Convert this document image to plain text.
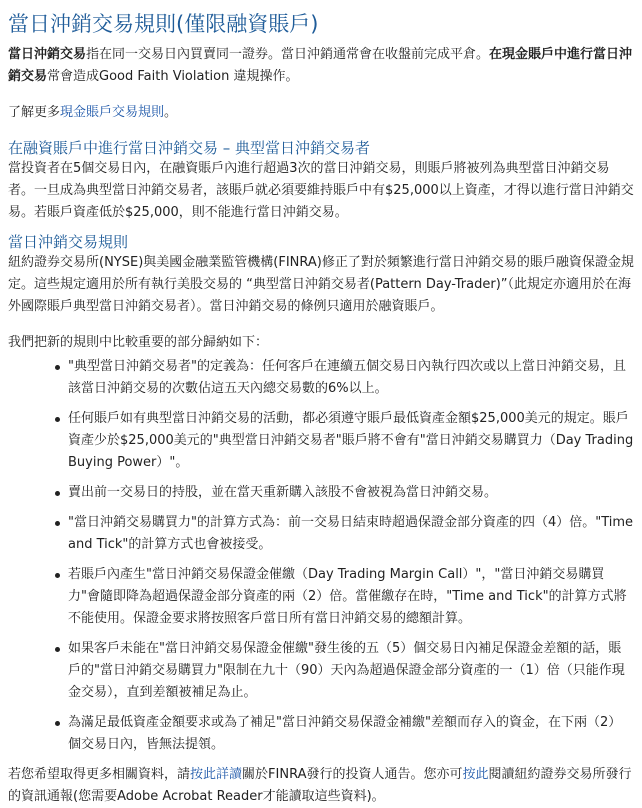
當日沖銷交易規則(僅限融資賬戶)

當日沖銷交易指在同一交易日內買賣同一證券。當日沖銷通常會在收盤前完成平倉。在現金賬戶中進行當日沖銷交易常會造成Good Faith Violation 違規操作。

了解更多現金賬戶交易規則。

在融資賬戶中進行當日沖銷交易 – 典型當日沖銷交易者

當投資者在5個交易日內，在融資賬戶內進行超過3次的當日沖銷交易，則賬戶將被列為典型當日沖銷交易者。一旦成為典型當日沖銷交易者，該賬戶就必須要維持賬戶中有$25,000以上資產，才得以進行當日沖銷交易。若賬戶資產低於$25,000，則不能進行當日沖銷交易。

當日沖銷交易規則

紐約證券交易所(NYSE)與美國金融業監管機構(FINRA)修正了對於頻繁進行當日沖銷交易的賬戶融資保證金規定。這些規定適用於所有執行美股交易的 “典型當日沖銷交易者(Pattern Day-Trader)”（此規定亦適用於在海外國際賬戶典型當日沖銷交易者）。當日沖銷交易的條例只適用於融資賬戶。

我們把新的規則中比較重要的部分歸納如下：

"典型當日沖銷交易者"的定義為：任何客戶在連續五個交易日內執行四次或以上當日沖銷交易，且該當日沖銷交易的次數佔這五天內總交易數的6%以上。
任何賬戶如有典型當日沖銷交易的活動，都必須遵守賬戶最低資產金額$25,000美元的規定。賬戶資產少於$25,000美元的"典型當日沖銷交易者"賬戶將不會有"當日沖銷交易購買力（Day Trading Buying Power）"。
賣出前一交易日的持股，並在當天重新購入該股不會被視為當日沖銷交易。
"當日沖銷交易購買力"的計算方式為：前一交易日結束時超過保證金部分資產的四（4）倍。"Time and Tick"的計算方式也會被接受。
若賬戶內產生"當日沖銷交易保證金催繳（Day Trading Margin Call）"，"當日沖銷交易購買力"會隨即降為超過保證金部分資產的兩（2）倍。當催繳存在時，"Time and Tick"的計算方式將不能使用。保證金要求將按照客戶當日所有當日沖銷交易的總額計算。
如果客戶未能在"當日沖銷交易保證金催繳"發生後的五（5）個交易日內補足保證金差額的話，賬戶的"當日沖銷交易購買力"限制在九十（90）天內為超過保證金部分資產的一（1）倍（只能作現金交易），直到差額被補足為止。
為滿足最低資產金額要求或為了補足"當日沖銷交易保證金補繳"差額而存入的資金，在下兩（2）個交易日內，皆無法提領。

若您希望取得更多相關資料，請按此詳讀關於FINRA發行的投資人通告。您亦可按此閱讀紐約證券交易所發行的資訊通報(您需要Adobe Acrobat Reader才能讀取這些資料)。
